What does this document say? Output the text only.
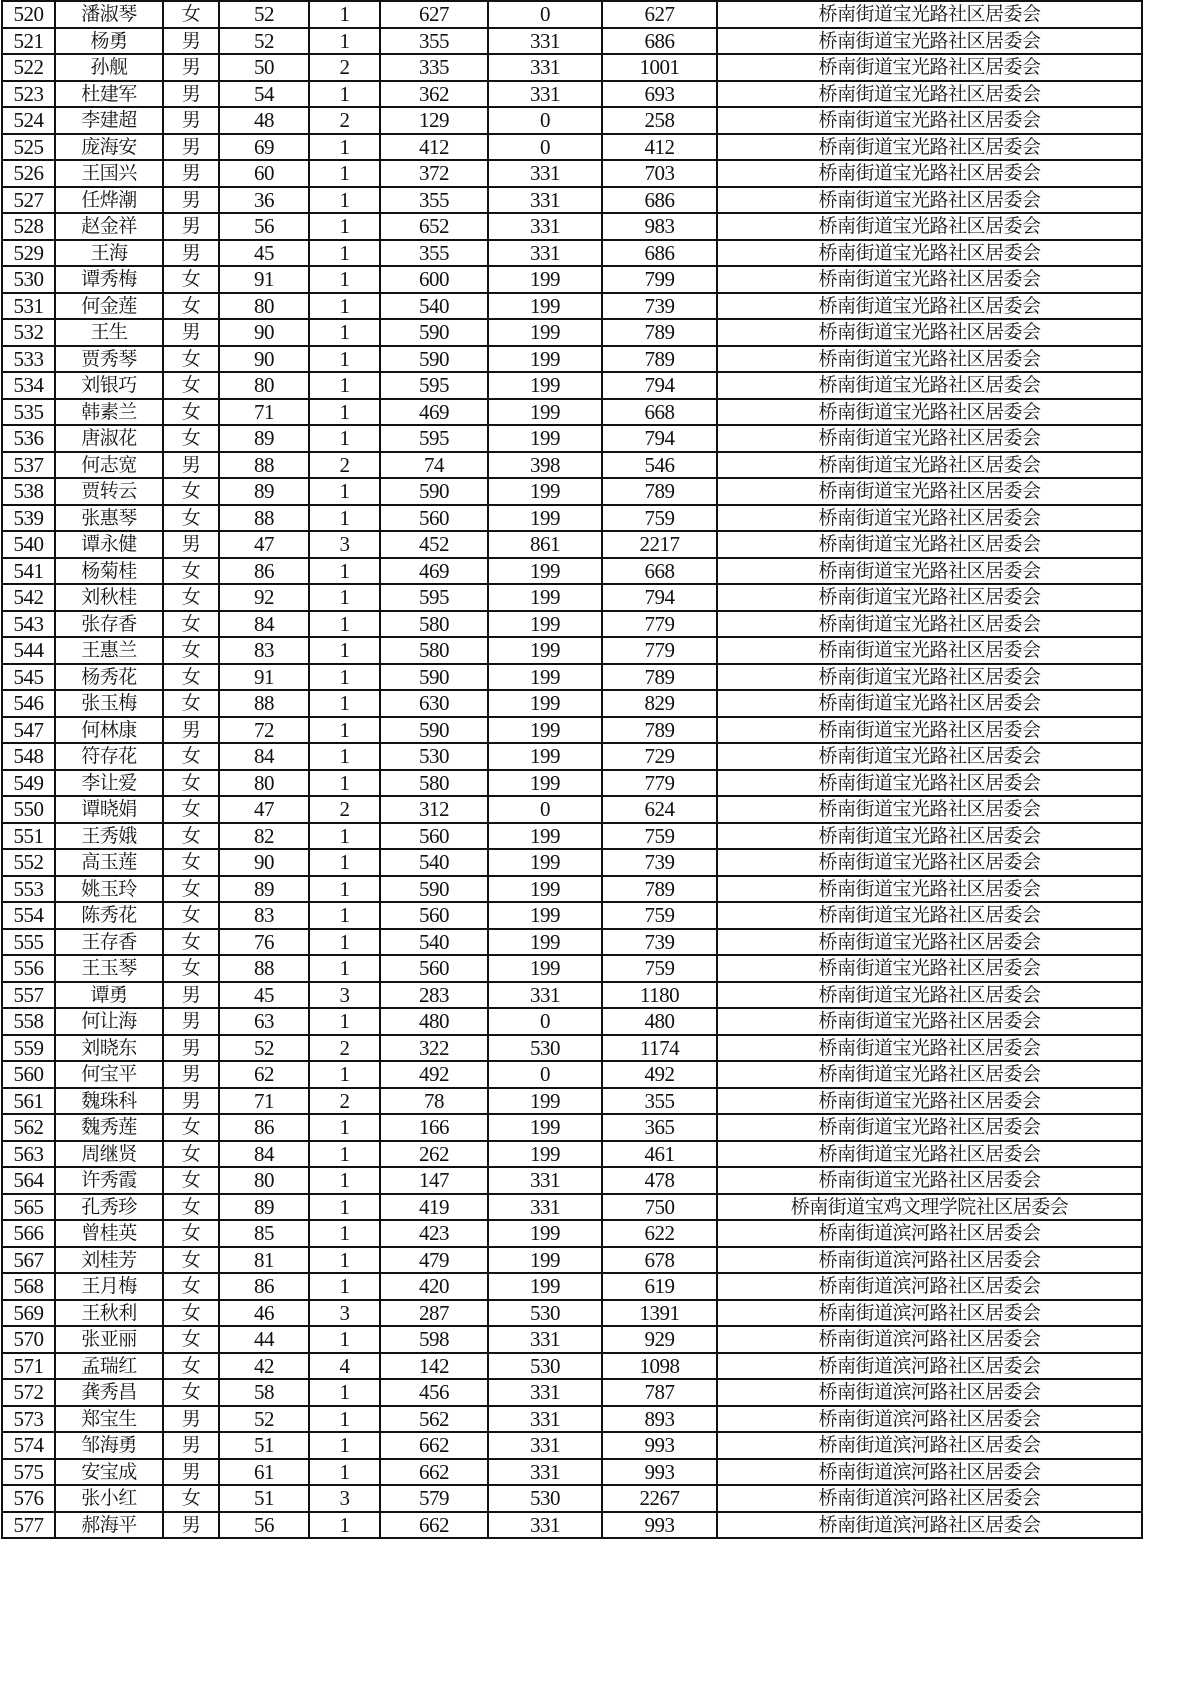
520	潘淑琴	女	52	1	627	0	627	桥南街道宝光路社区居委会
521	杨勇	男	52	1	355	331	686	桥南街道宝光路社区居委会
522	孙舰	男	50	2	335	331	1001	桥南街道宝光路社区居委会
523	杜建军	男	54	1	362	331	693	桥南街道宝光路社区居委会
524	李建超	男	48	2	129	0	258	桥南街道宝光路社区居委会
525	庞海安	男	69	1	412	0	412	桥南街道宝光路社区居委会
526	王国兴	男	60	1	372	331	703	桥南街道宝光路社区居委会
527	任烨潮	男	36	1	355	331	686	桥南街道宝光路社区居委会
528	赵金祥	男	56	1	652	331	983	桥南街道宝光路社区居委会
529	王海	男	45	1	355	331	686	桥南街道宝光路社区居委会
530	谭秀梅	女	91	1	600	199	799	桥南街道宝光路社区居委会
531	何金莲	女	80	1	540	199	739	桥南街道宝光路社区居委会
532	王生	男	90	1	590	199	789	桥南街道宝光路社区居委会
533	贾秀琴	女	90	1	590	199	789	桥南街道宝光路社区居委会
534	刘银巧	女	80	1	595	199	794	桥南街道宝光路社区居委会
535	韩素兰	女	71	1	469	199	668	桥南街道宝光路社区居委会
536	唐淑花	女	89	1	595	199	794	桥南街道宝光路社区居委会
537	何志宽	男	88	2	74	398	546	桥南街道宝光路社区居委会
538	贾转云	女	89	1	590	199	789	桥南街道宝光路社区居委会
539	张惠琴	女	88	1	560	199	759	桥南街道宝光路社区居委会
540	谭永健	男	47	3	452	861	2217	桥南街道宝光路社区居委会
541	杨菊桂	女	86	1	469	199	668	桥南街道宝光路社区居委会
542	刘秋桂	女	92	1	595	199	794	桥南街道宝光路社区居委会
543	张存香	女	84	1	580	199	779	桥南街道宝光路社区居委会
544	王惠兰	女	83	1	580	199	779	桥南街道宝光路社区居委会
545	杨秀花	女	91	1	590	199	789	桥南街道宝光路社区居委会
546	张玉梅	女	88	1	630	199	829	桥南街道宝光路社区居委会
547	何林康	男	72	1	590	199	789	桥南街道宝光路社区居委会
548	符存花	女	84	1	530	199	729	桥南街道宝光路社区居委会
549	李让爱	女	80	1	580	199	779	桥南街道宝光路社区居委会
550	谭晓娟	女	47	2	312	0	624	桥南街道宝光路社区居委会
551	王秀娥	女	82	1	560	199	759	桥南街道宝光路社区居委会
552	高玉莲	女	90	1	540	199	739	桥南街道宝光路社区居委会
553	姚玉玲	女	89	1	590	199	789	桥南街道宝光路社区居委会
554	陈秀花	女	83	1	560	199	759	桥南街道宝光路社区居委会
555	王存香	女	76	1	540	199	739	桥南街道宝光路社区居委会
556	王玉琴	女	88	1	560	199	759	桥南街道宝光路社区居委会
557	谭勇	男	45	3	283	331	1180	桥南街道宝光路社区居委会
558	何让海	男	63	1	480	0	480	桥南街道宝光路社区居委会
559	刘晓东	男	52	2	322	530	1174	桥南街道宝光路社区居委会
560	何宝平	男	62	1	492	0	492	桥南街道宝光路社区居委会
561	魏珠科	男	71	2	78	199	355	桥南街道宝光路社区居委会
562	魏秀莲	女	86	1	166	199	365	桥南街道宝光路社区居委会
563	周继贤	女	84	1	262	199	461	桥南街道宝光路社区居委会
564	许秀霞	女	80	1	147	331	478	桥南街道宝光路社区居委会
565	孔秀珍	女	89	1	419	331	750	桥南街道宝鸡文理学院社区居委会
566	曾桂英	女	85	1	423	199	622	桥南街道滨河路社区居委会
567	刘桂芳	女	81	1	479	199	678	桥南街道滨河路社区居委会
568	王月梅	女	86	1	420	199	619	桥南街道滨河路社区居委会
569	王秋利	女	46	3	287	530	1391	桥南街道滨河路社区居委会
570	张亚丽	女	44	1	598	331	929	桥南街道滨河路社区居委会
571	孟瑞红	女	42	4	142	530	1098	桥南街道滨河路社区居委会
572	龚秀昌	女	58	1	456	331	787	桥南街道滨河路社区居委会
573	郑宝生	男	52	1	562	331	893	桥南街道滨河路社区居委会
574	邹海勇	男	51	1	662	331	993	桥南街道滨河路社区居委会
575	安宝成	男	61	1	662	331	993	桥南街道滨河路社区居委会
576	张小红	女	51	3	579	530	2267	桥南街道滨河路社区居委会
577	郝海平	男	56	1	662	331	993	桥南街道滨河路社区居委会
